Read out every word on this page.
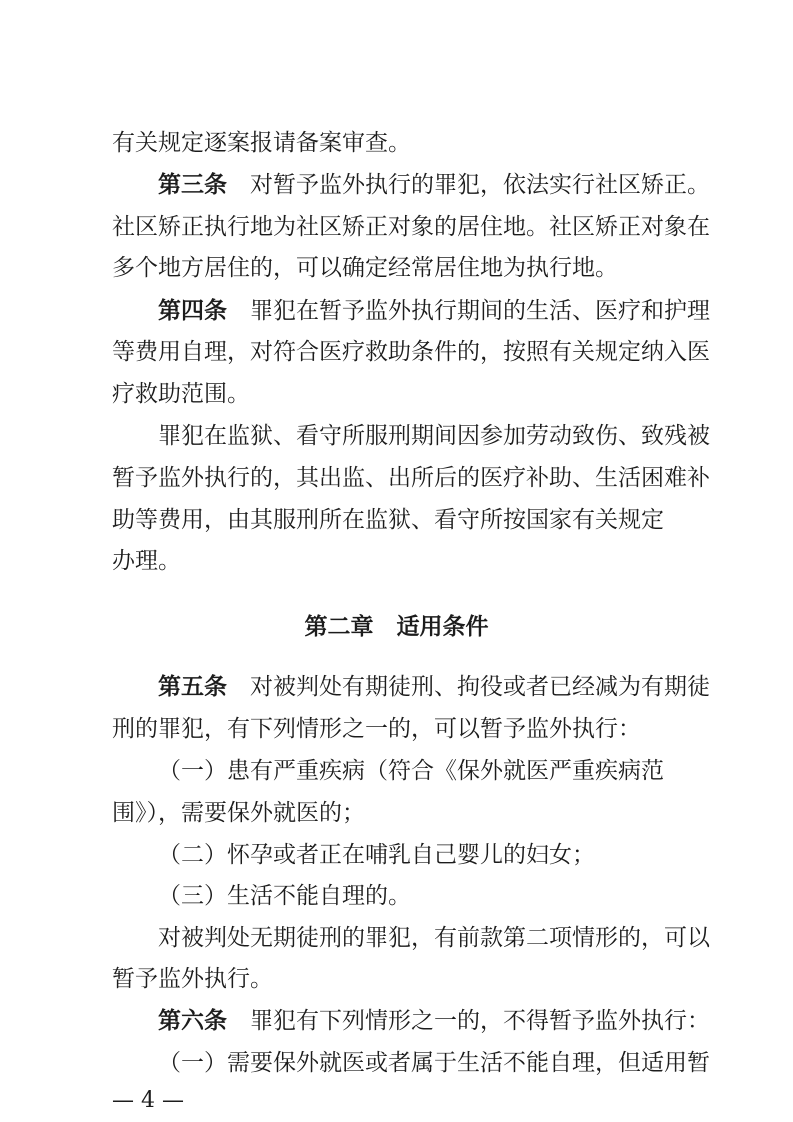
有关规定逐案报请备案审查。
第三条 对暂予监外执行的罪犯，依法实行社区矫正。
社区矫正执行地为社区矫正对象的居住地。社区矫正对象在
多个地方居住的，可以确定经常居住地为执行地。
第四条 罪犯在暂予监外执行期间的生活、医疗和护理
等费用自理，对符合医疗救助条件的，按照有关规定纳入医
疗救助范围。
罪犯在监狱、看守所服刑期间因参加劳动致伤、致残被
暂予监外执行的，其出监、出所后的医疗补助、生活困难补
助等费用，由其服刑所在监狱、看守所按国家有关规定
办理。
第二章　适用条件
第五条 对被判处有期徒刑、拘役或者已经减为有期徒
刑的罪犯，有下列情形之一的，可以暂予监外执行：
（一）患有严重疾病（符合《保外就医严重疾病范
围》），需要保外就医的；
（二）怀孕或者正在哺乳自己婴儿的妇女；
（三）生活不能自理的。
对被判处无期徒刑的罪犯，有前款第二项情形的，可以
暂予监外执行。
第六条 罪犯有下列情形之一的，不得暂予监外执行：
（一）需要保外就医或者属于生活不能自理，但适用暂
— 4 —
